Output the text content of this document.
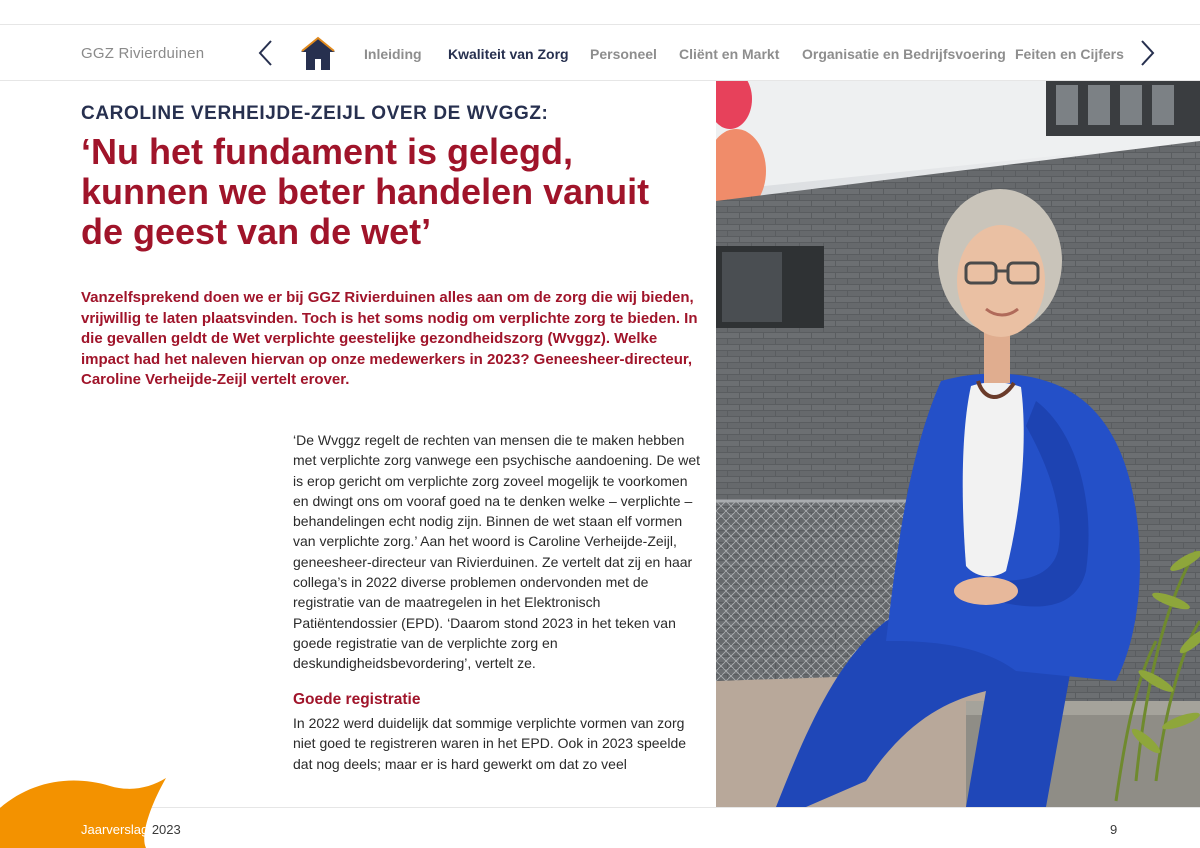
GGZ Rivierduinen	Inleiding Kwaliteit van Zorg Personeel Cliënt en Markt Organisatie en Bedrijfsvoering Feiten en Cijfers
CAROLINE VERHEIJDE-ZEIJL OVER DE WVGGZ:
‘Nu het fundament is gelegd, kunnen we beter handelen vanuit de geest van de wet’

Vanzelfsprekend doen we er bij GGZ Rivierduinen alles aan om de zorg die wij bieden, vrijwillig te laten plaatsvinden. Toch is het soms nodig om verplichte zorg te bieden. In die gevallen geldt de Wet verplichte geestelijke gezondheidszorg (Wvggz). Welke impact had het naleven hiervan op onze medewerkers in 2023? Geneesheer-directeur, Caroline Verheijde-Zeijl vertelt erover.

‘De Wvggz regelt de rechten van mensen die te maken hebben met verplichte zorg vanwege een psychische aandoening. De wet is erop gericht om verplichte zorg zoveel mogelijk te voorkomen en dwingt ons om vooraf goed na te denken welke – verplichte – behandelingen echt nodig zijn. Binnen de wet staan elf vormen van verplichte zorg.’ Aan het woord is Caroline Verheijde-Zeijl, geneesheer-directeur van Rivierduinen. Ze vertelt dat zij en haar collega’s in 2022 diverse problemen ondervonden met de registratie van de maatregelen in het Elektronisch Patiëntendossier (EPD). ‘Daarom stond 2023 in het teken van goede registratie van de verplichte zorg en deskundigheidsbevordering’, vertelt ze.

Goede registratie

In 2022 werd duidelijk dat sommige verplichte vormen van zorg niet goed te registreren waren in het EPD. Ook in 2023 speelde dat nog deels; maar er is hard gewerkt om dat zo veel

Jaarverslag 2023	9
